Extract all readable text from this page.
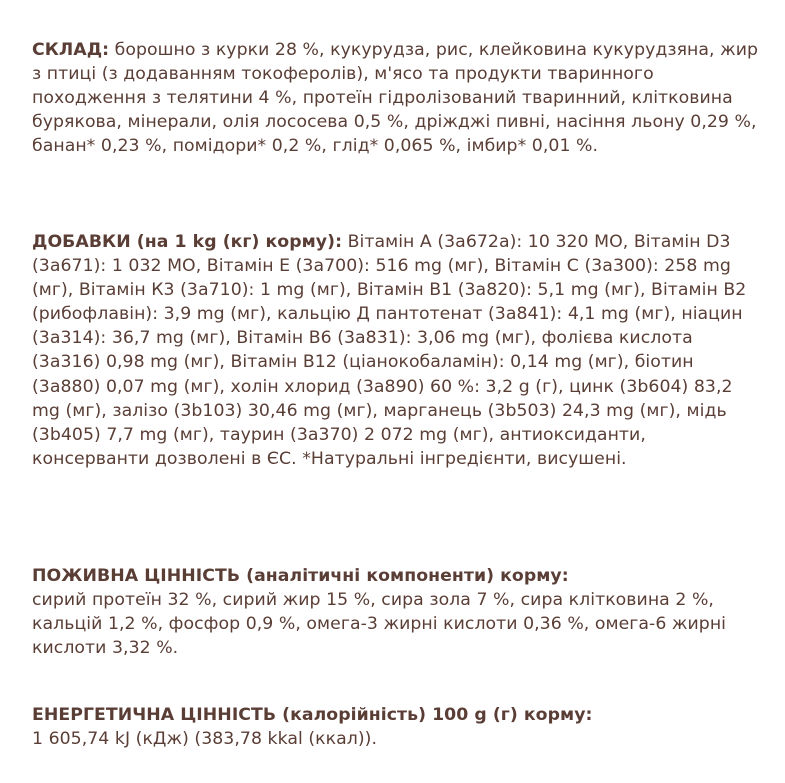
СКЛАД: борошно з курки 28 %, кукурудза, рис, клейковина кукурудзяна, жир з птиці (з додаванням токоферолів), м'ясо та продукти тваринного походження з телятини 4 %, протеїн гідролізований тваринний, клітковина бурякова, мінерали, олія лососева 0,5 %, дріжджі пивні, насіння льону 0,29 %, банан* 0,23 %, помідори* 0,2 %, глід* 0,065 %, імбир* 0,01 %.

ДОБАВКИ (на 1 kg (кг) корму): Вітамін А (3а672а): 10 320 МО, Вітамін D3 (3а671): 1 032 МО, Вітамін Е (3а700): 516 mg (мг), Вітамін С (3а300): 258 mg (мг), Вітамін К3 (3а710): 1 mg (мг), Вітамін В1 (3а820): 5,1 mg (мг), Вітамін В2 (рибофлавін): 3,9 mg (мг), кальцію Д пантотенат (3а841): 4,1 mg (мг), ніацин (3а314): 36,7 mg (мг), Вітамін В6 (3а831): 3,06 mg (мг), фолієва кислота (3а316) 0,98 mg (мг), Вітамін В12 (ціанокобаламін): 0,14 mg (мг), біотин (3а880) 0,07 mg (мг), холін хлорид (3а890) 60 %: 3,2 g (г), цинк (3b604) 83,2 mg (мг), залізо (3b103) 30,46 mg (мг), марганець (3b503) 24,3 mg (мг), мідь (3b405) 7,7 mg (мг), таурин (3а370) 2 072 mg (мг), антиоксиданти, консерванти дозволені в ЄС. *Натуральні інгредієнти, висушені.

ПОЖИВНА ЦІННІСТЬ (аналітичні компоненти) корму:
сирий протеїн 32 %, сирий жир 15 %, сира зола 7 %, сира клітковина 2 %, кальцій 1,2 %, фосфор 0,9 %, омега-3 жирні кислоти 0,36 %, омега-6 жирні кислоти 3,32 %.

ЕНЕРГЕТИЧНА ЦІННІСТЬ (калорійність) 100 g (г) корму:
1 605,74 kJ (кДж) (383,78 kkal (ккал)).
